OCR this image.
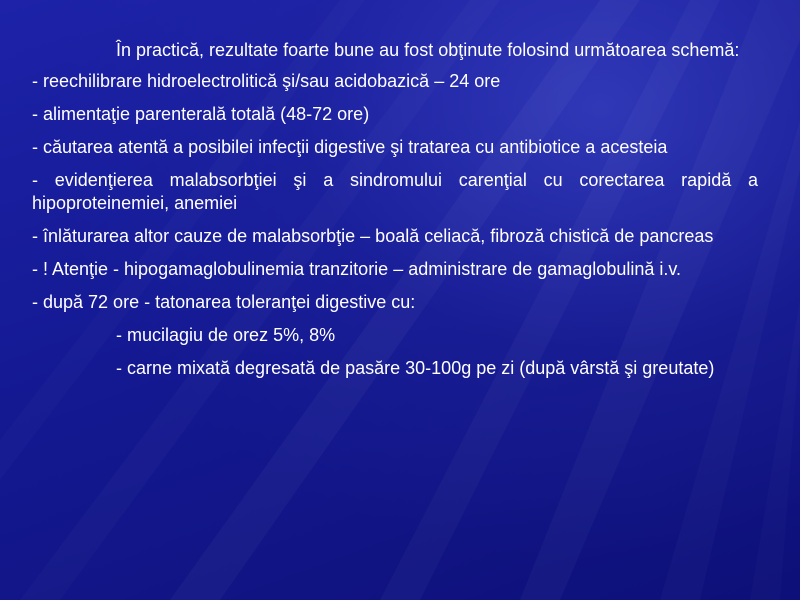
În practică, rezultate foarte bune au fost obţinute folosind următoarea schemă:

- reechilibrare hidroelectrolitică şi/sau acidobazică – 24 ore

- alimentaţie parenterală totală (48-72 ore)

- căutarea atentă a posibilei infecţii digestive şi tratarea cu antibiotice a acesteia

- evidenţierea malabsorbţiei şi a sindromului carenţial cu corectarea rapidă a hipoproteinemiei, anemiei

- înlăturarea altor cauze de malabsorbţie – boală celiacă, fibroză chistică de pancreas

- ! Atenţie - hipogamaglobulinemia tranzitorie – administrare de gamaglobulină i.v.

- după 72 ore - tatonarea toleranţei digestive cu:

- mucilagiu de orez 5%, 8%

- carne mixată degresată de pasăre 30-100g pe zi (după vârstă şi greutate)
